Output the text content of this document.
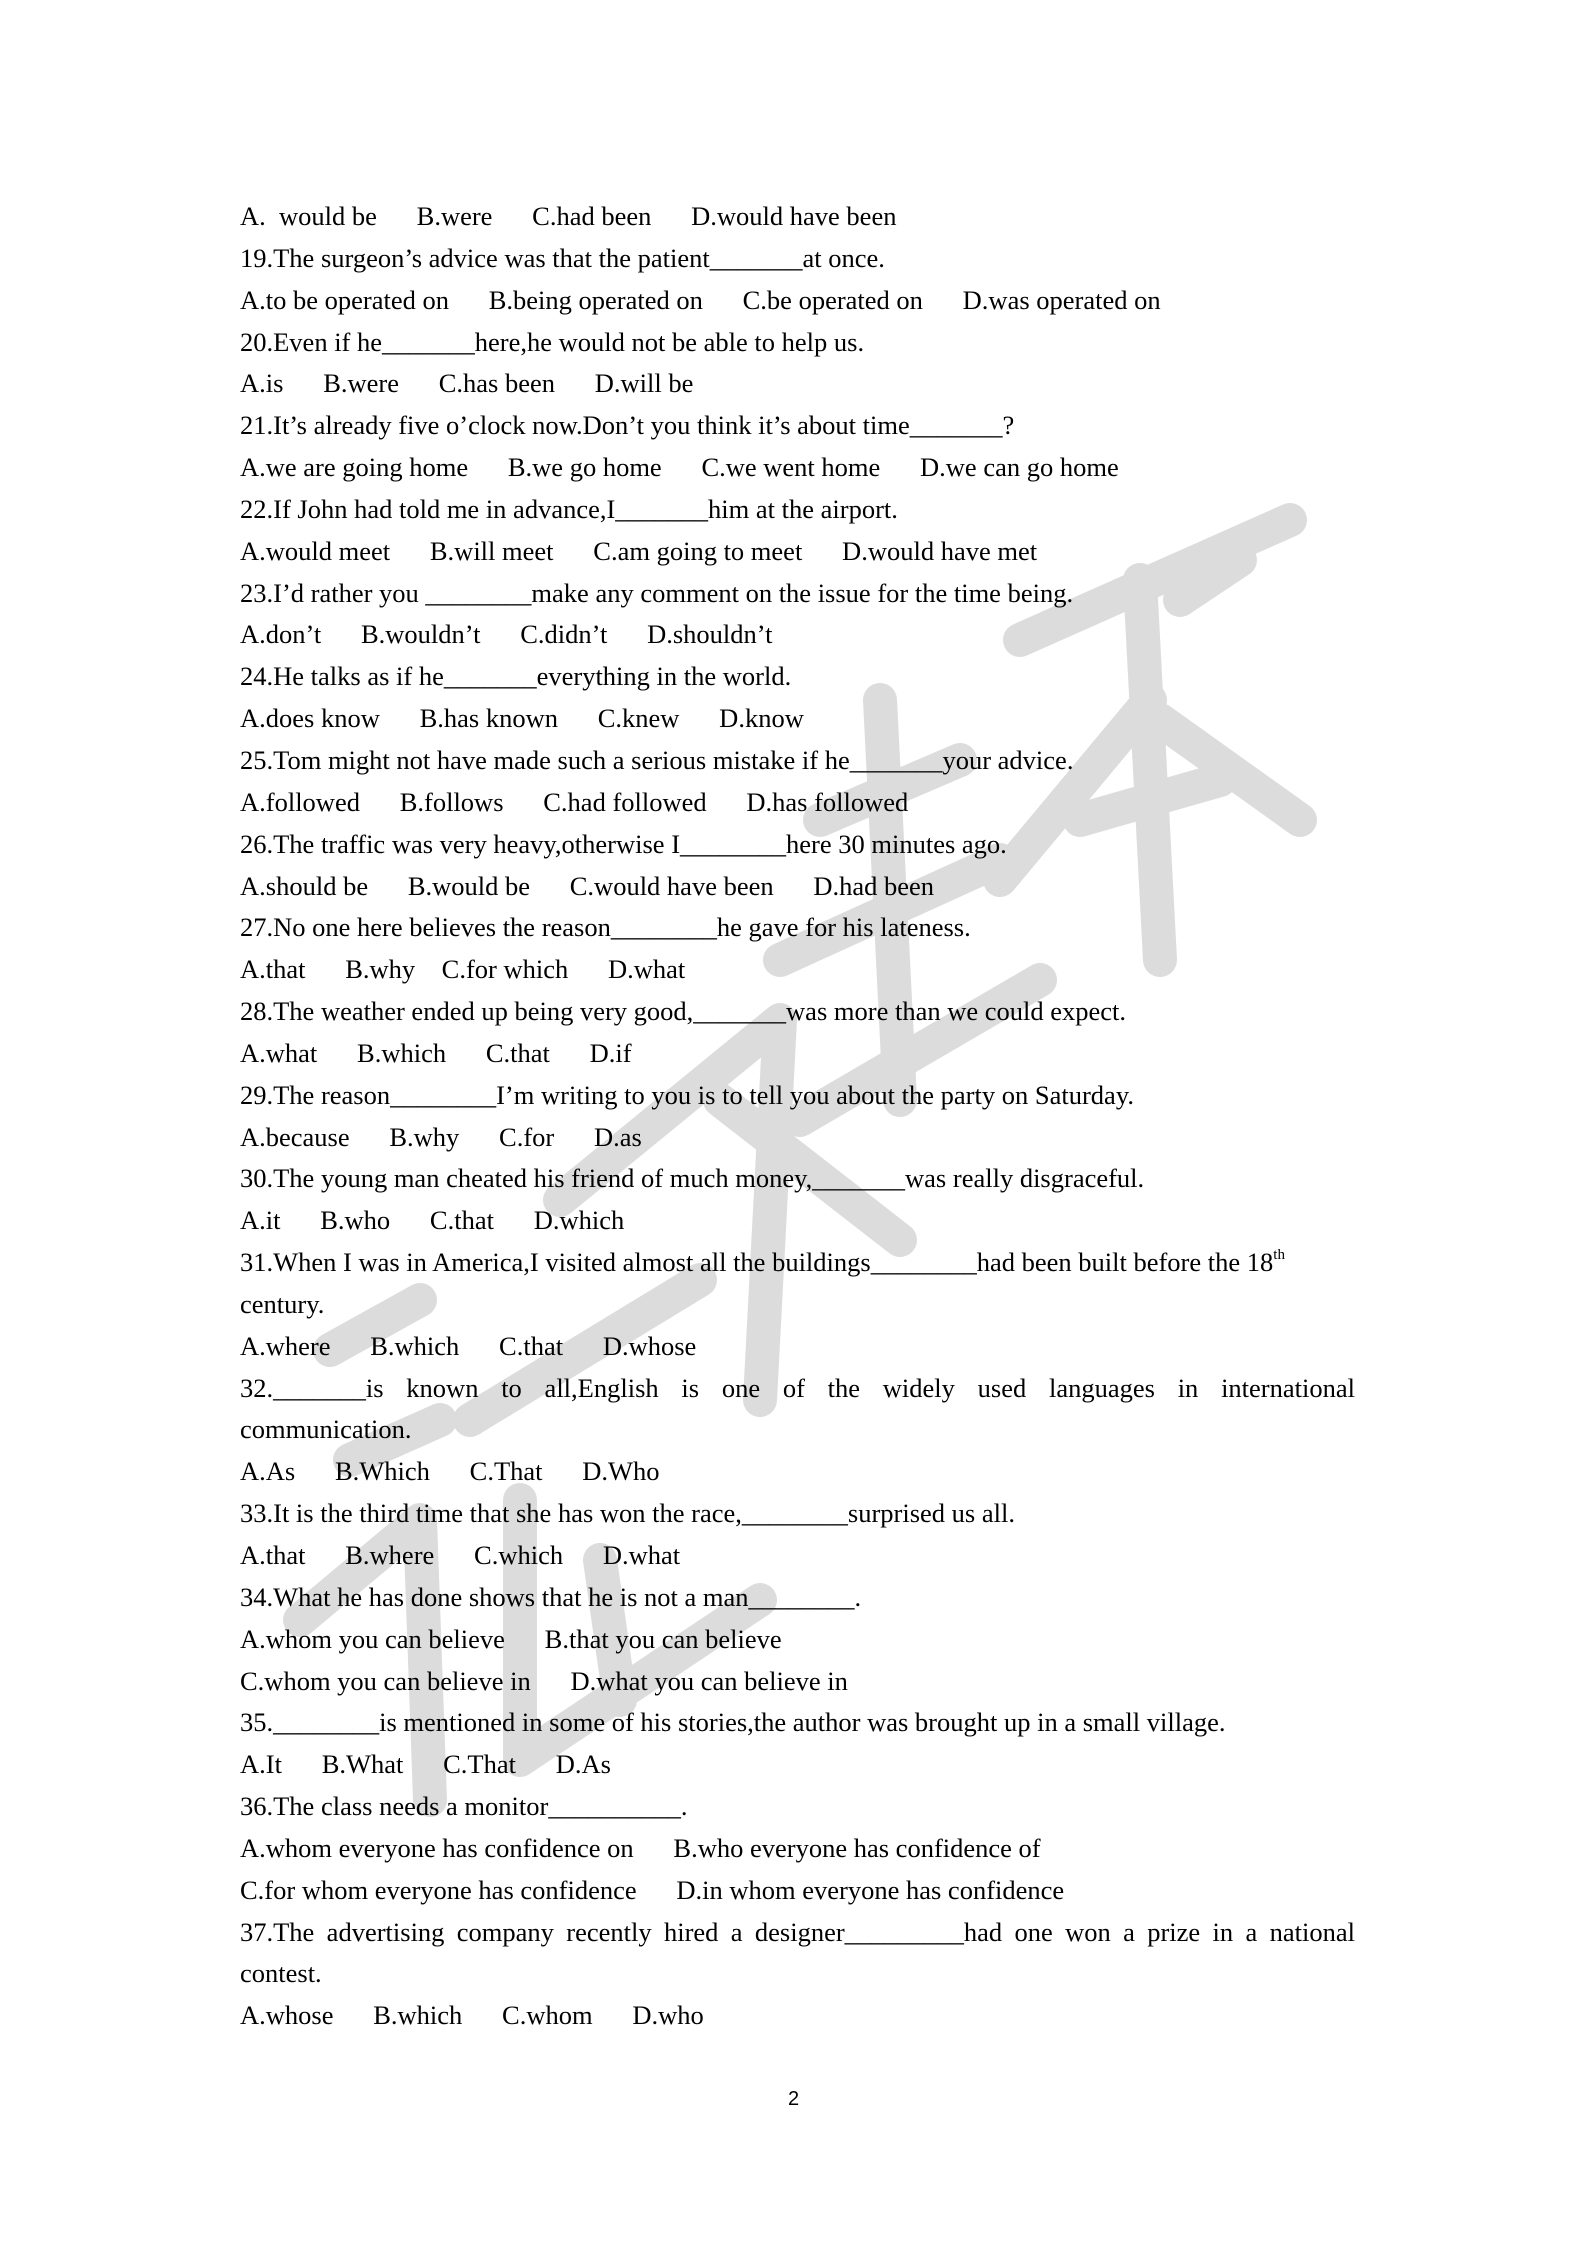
A.  would be      B.were      C.had been      D.would have been
19.The surgeon’s advice was that the patient_______at once.
A.to be operated on      B.being operated on      C.be operated on      D.was operated on
20.Even if he_______here,he would not be able to help us.
A.is      B.were      C.has been      D.will be
21.It’s already five o’clock now.Don’t you think it’s about time_______?
A.we are going home      B.we go home      C.we went home      D.we can go home
22.If John had told me in advance,I_______him at the airport.
A.would meet      B.will meet      C.am going to meet      D.would have met
23.I’d rather you ________make any comment on the issue for the time being.
A.don’t      B.wouldn’t      C.didn’t      D.shouldn’t
24.He talks as if he_______everything in the world.
A.does know      B.has known      C.knew      D.know
25.Tom might not have made such a serious mistake if he_______your advice.
A.followed      B.follows      C.had followed      D.has followed
26.The traffic was very heavy,otherwise I________here 30 minutes ago.
A.should be      B.would be      C.would have been      D.had been
27.No one here believes the reason________he gave for his lateness.
A.that      B.why    C.for which      D.what
28.The weather ended up being very good,_______was more than we could expect.
A.what      B.which      C.that      D.if
29.The reason________I’m writing to you is to tell you about the party on Saturday.
A.because      B.why      C.for      D.as
30.The young man cheated his friend of much money,_______was really disgraceful.
A.it      B.who      C.that      D.which
31.When I was in America,I visited almost all the buildings________had been built before the 18th
century.
A.where      B.which      C.that      D.whose
32._______is known to all,English is one of the widely used languages in international
communication.
A.As      B.Which      C.That      D.Who
33.It is the third time that she has won the race,________surprised us all.
A.that      B.where      C.which      D.what
34.What he has done shows that he is not a man________.
A.whom you can believe      B.that you can believe
C.whom you can believe in      D.what you can believe in
35.________is mentioned in some of his stories,the author was brought up in a small village.
A.It      B.What      C.That      D.As
36.The class needs a monitor__________.
A.whom everyone has confidence on      B.who everyone has confidence of
C.for whom everyone has confidence      D.in whom everyone has confidence
37.The advertising company recently hired a designer_________had one won a prize in a national
contest.
A.whose      B.which      C.whom      D.who
2
